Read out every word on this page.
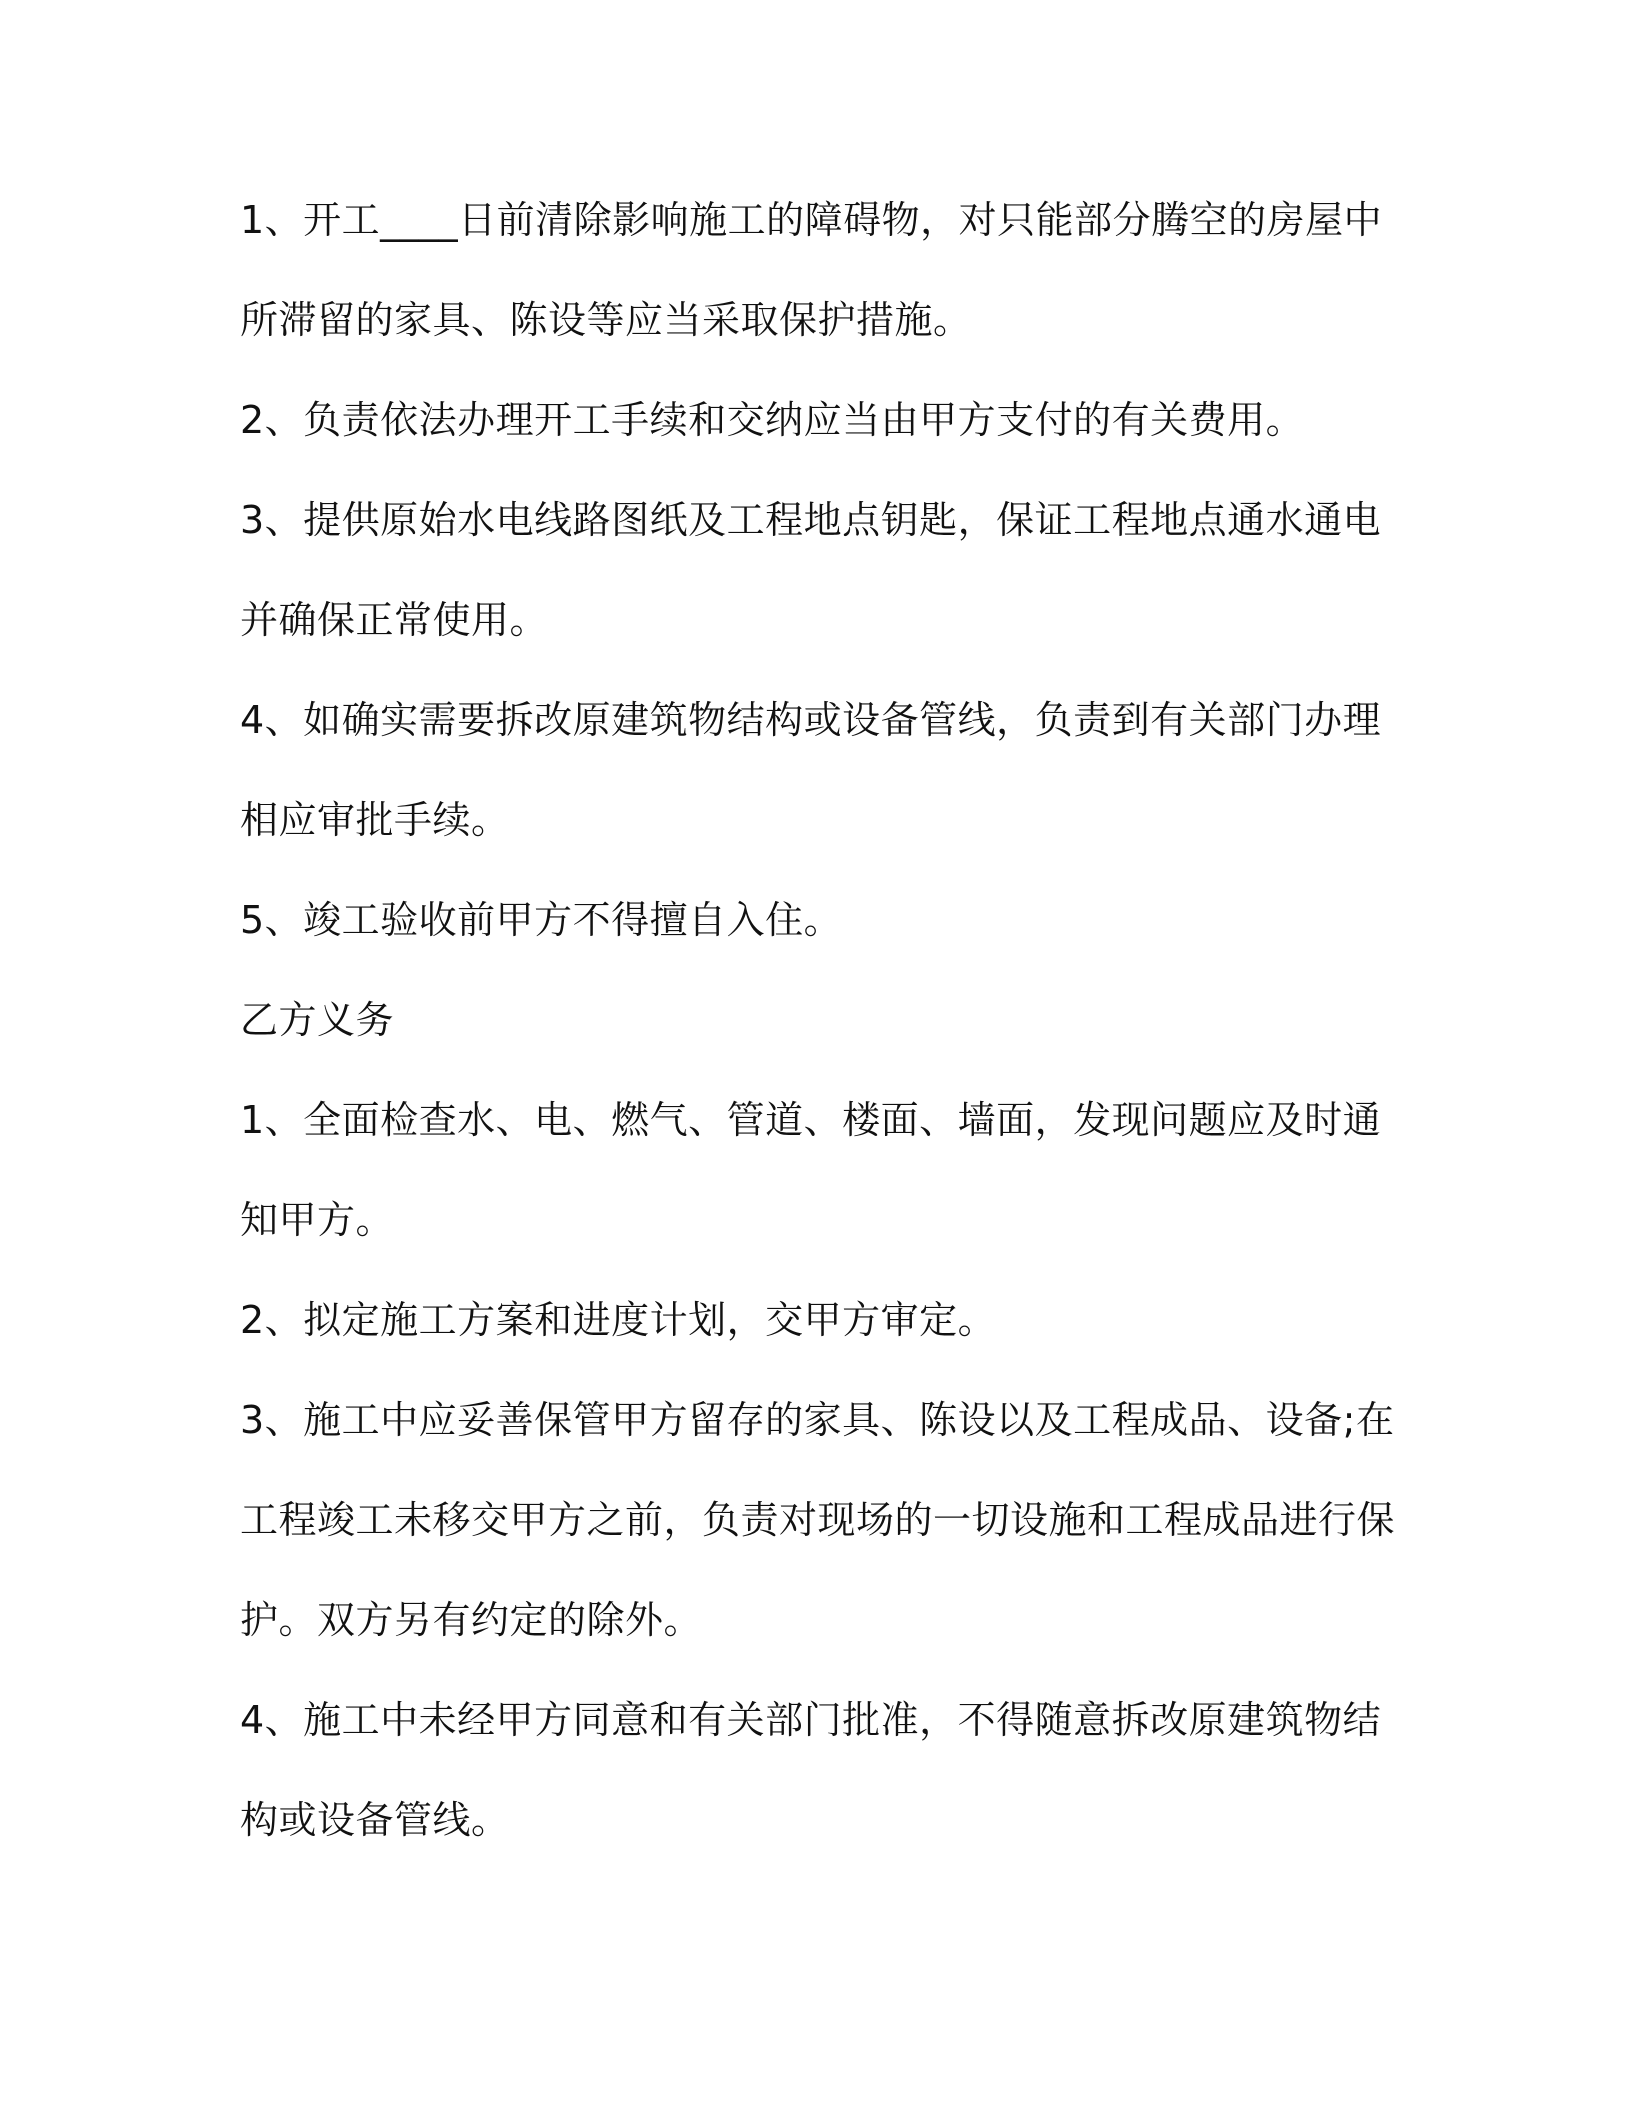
1、开工____日前清除影响施工的障碍物，对只能部分腾空的房屋中所滞留的家具、陈设等应当采取保护措施。

2、负责依法办理开工手续和交纳应当由甲方支付的有关费用。

3、提供原始水电线路图纸及工程地点钥匙，保证工程地点通水通电并确保正常使用。

4、如确实需要拆改原建筑物结构或设备管线，负责到有关部门办理相应审批手续。

5、竣工验收前甲方不得擅自入住。

乙方义务

1、全面检查水、电、燃气、管道、楼面、墙面，发现问题应及时通知甲方。

2、拟定施工方案和进度计划，交甲方审定。

3、施工中应妥善保管甲方留存的家具、陈设以及工程成品、设备;在工程竣工未移交甲方之前，负责对现场的一切设施和工程成品进行保护。双方另有约定的除外。

4、施工中未经甲方同意和有关部门批准，不得随意拆改原建筑物结构或设备管线。
